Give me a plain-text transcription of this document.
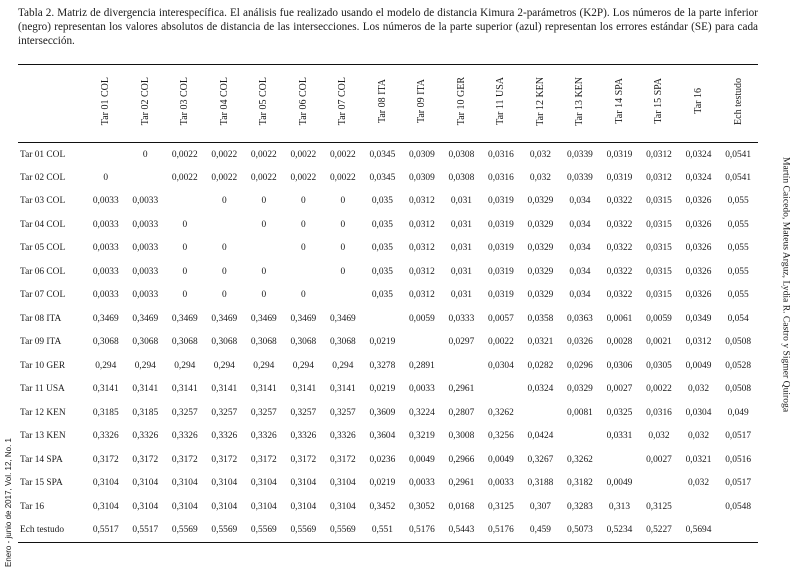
Tabla 2. Matriz de divergencia interespecífica. El análisis fue realizado usando el modelo de distancia Kimura 2-parámetros (K2P). Los números de la parte inferior (negro) representan los valores absolutos de distancia de las intersecciones. Los números de la parte superior (azul) representan los errores estándar (SE) para cada intersección.
	Tar 01 COL	Tar 02 COL	Tar 03 COL	Tar 04 COL	Tar 05 COL	Tar 06 COL	Tar 07 COL	Tar 08 ITA	Tar 09 ITA	Tar 10 GER	Tar 11 USA	Tar 12 KEN	Tar 13 KEN	Tar 14 SPA	Tar 15 SPA	Tar 16	Ech testudo
Tar 01 COL		0	0,0022	0,0022	0,0022	0,0022	0,0022	0,0345	0,0309	0,0308	0,0316	0,032	0,0339	0,0319	0,0312	0,0324	0,0541
Tar 02 COL	0		0,0022	0,0022	0,0022	0,0022	0,0022	0,0345	0,0309	0,0308	0,0316	0,032	0,0339	0,0319	0,0312	0,0324	0,0541
Tar 03 COL	0,0033	0,0033		0	0	0	0	0,035	0,0312	0,031	0,0319	0,0329	0,034	0,0322	0,0315	0,0326	0,055
Tar 04 COL	0,0033	0,0033	0		0	0	0	0,035	0,0312	0,031	0,0319	0,0329	0,034	0,0322	0,0315	0,0326	0,055
Tar 05 COL	0,0033	0,0033	0	0		0	0	0,035	0,0312	0,031	0,0319	0,0329	0,034	0,0322	0,0315	0,0326	0,055
Tar 06 COL	0,0033	0,0033	0	0	0		0	0,035	0,0312	0,031	0,0319	0,0329	0,034	0,0322	0,0315	0,0326	0,055
Tar 07 COL	0,0033	0,0033	0	0	0	0		0,035	0,0312	0,031	0,0319	0,0329	0,034	0,0322	0,0315	0,0326	0,055
Tar 08 ITA	0,3469	0,3469	0,3469	0,3469	0,3469	0,3469	0,3469		0,0059	0,0333	0,0057	0,0358	0,0363	0,0061	0,0059	0,0349	0,054
Tar 09 ITA	0,3068	0,3068	0,3068	0,3068	0,3068	0,3068	0,3068	0,0219		0,0297	0,0022	0,0321	0,0326	0,0028	0,0021	0,0312	0,0508
Tar 10 GER	0,294	0,294	0,294	0,294	0,294	0,294	0,294	0,3278	0,2891		0,0304	0,0282	0,0296	0,0306	0,0305	0,0049	0,0528
Tar 11 USA	0,3141	0,3141	0,3141	0,3141	0,3141	0,3141	0,3141	0,0219	0,0033	0,2961		0,0324	0,0329	0,0027	0,0022	0,032	0,0508
Tar 12 KEN	0,3185	0,3185	0,3257	0,3257	0,3257	0,3257	0,3257	0,3609	0,3224	0,2807	0,3262		0,0081	0,0325	0,0316	0,0304	0,049
Tar 13 KEN	0,3326	0,3326	0,3326	0,3326	0,3326	0,3326	0,3326	0,3604	0,3219	0,3008	0,3256	0,0424		0,0331	0,032	0,032	0,0517
Tar 14 SPA	0,3172	0,3172	0,3172	0,3172	0,3172	0,3172	0,3172	0,0236	0,0049	0,2966	0,0049	0,3267	0,3262		0,0027	0,0321	0,0516
Tar 15 SPA	0,3104	0,3104	0,3104	0,3104	0,3104	0,3104	0,3104	0,0219	0,0033	0,2961	0,0033	0,3188	0,3182	0,0049		0,032	0,0517
Tar 16	0,3104	0,3104	0,3104	0,3104	0,3104	0,3104	0,3104	0,3452	0,3052	0,0168	0,3125	0,307	0,3283	0,313	0,3125		0,0548
Ech testudo	0,5517	0,5517	0,5569	0,5569	0,5569	0,5569	0,5569	0,551	0,5176	0,5443	0,5176	0,459	0,5073	0,5234	0,5227	0,5694	
Martín Caicedo, Mateus Arguz, Lydia R. Castro y Sigmer Quiroga
Enero - junio de 2017, Vol. 12, No. 1
